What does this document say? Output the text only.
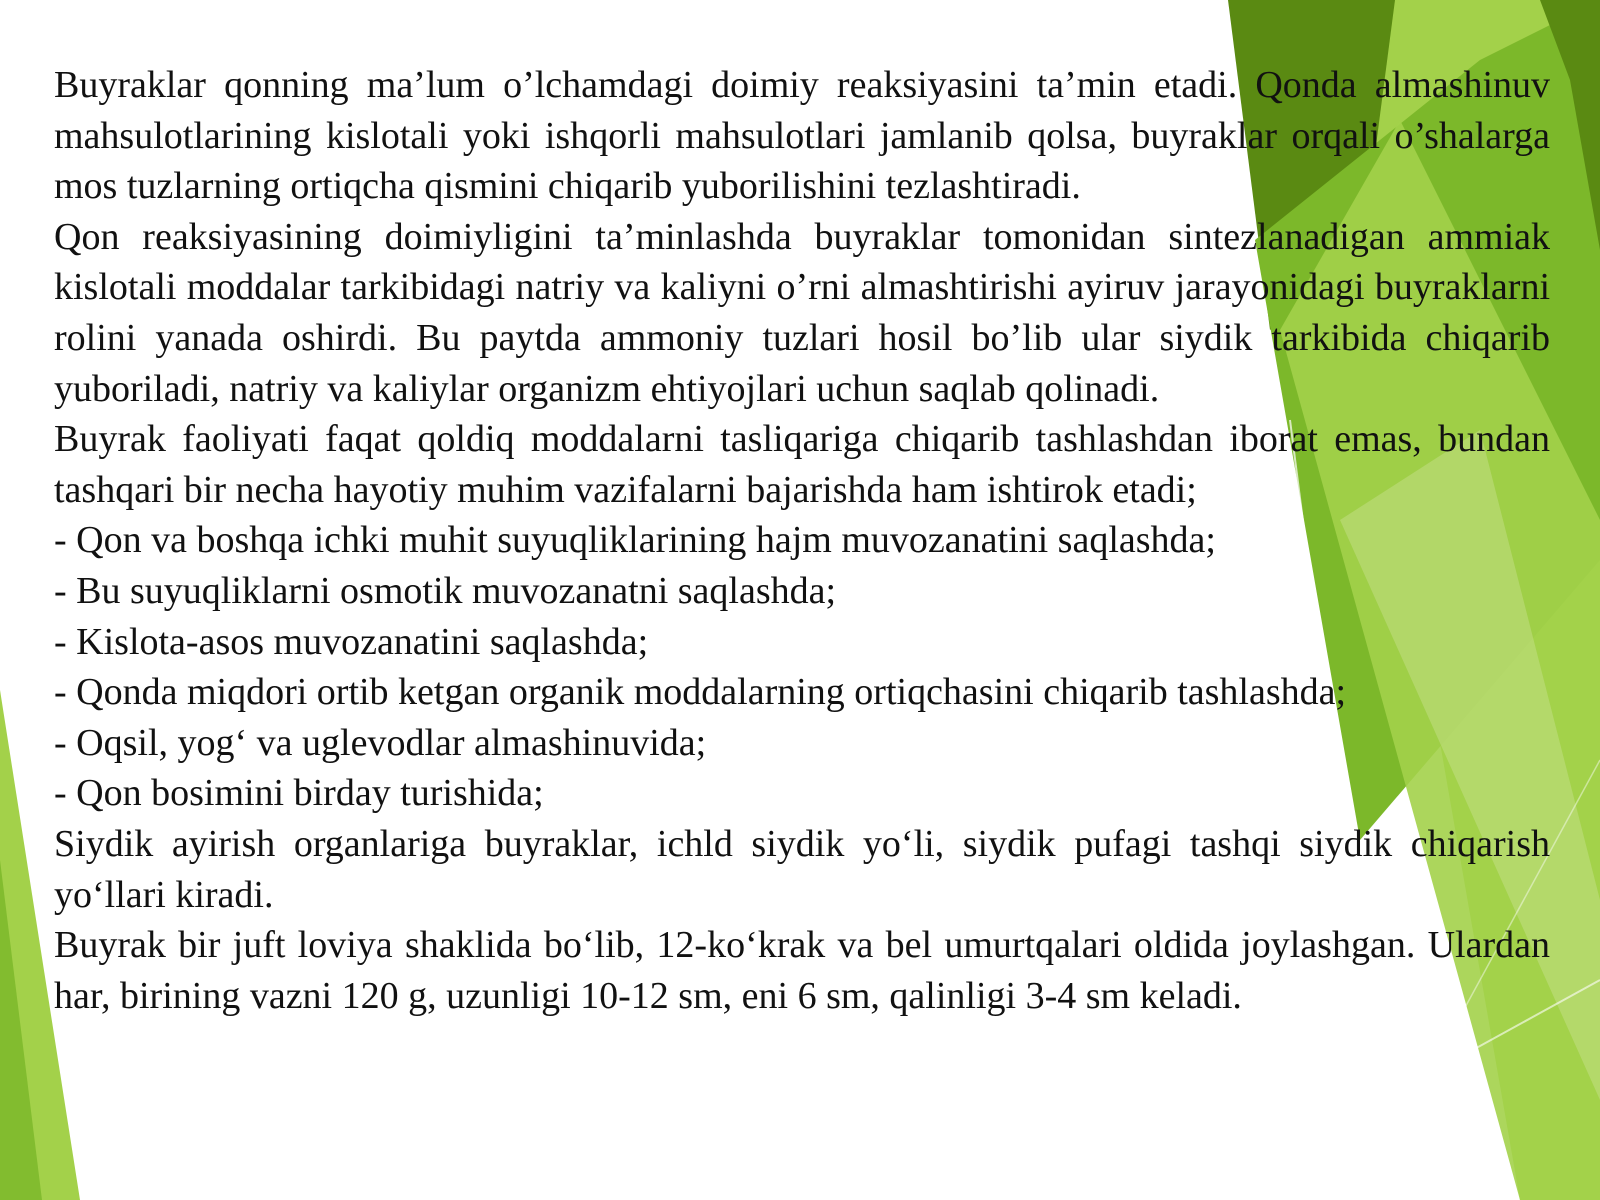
Buyraklar qonning ma’lum o’lchamdagi doimiy reaksiyasini ta’min etadi. Qonda almashinuv mahsulotlarining kislotali yoki ishqorli mahsulotlari jamlanib qolsa, buyraklar orqali o’shalarga mos tuzlarning ortiqcha qismini chiqarib yuborilishini tezlashtiradi.

Qon reaksiyasining doimiyligini ta’minlashda buyraklar tomonidan sintezlanadigan ammiak kislotali moddalar tarkibidagi natriy va kaliyni o’rni almashtirishi ayiruv jarayonidagi buyraklarni rolini yanada oshirdi. Bu paytda ammoniy tuzlari hosil bo’lib ular siydik tarkibida chiqarib yuboriladi, natriy va kaliylar organizm ehtiyojlari uchun saqlab qolinadi.

Buyrak faoliyati faqat qoldiq moddalarni tasliqariga chiqarib tashlashdan iborat emas, bundan tashqari bir necha hayotiy muhim vazifalarni bajarishda ham ishtirok etadi;

- Qon va boshqa ichki muhit suyuqliklarining hajm muvozanatini saqlashda;
- Bu suyuqliklarni osmotik muvozanatni saqlashda;
- Kislota-asos muvozanatini saqlashda;
- Qonda miqdori ortib ketgan organik moddalarning ortiqchasini chiqarib tashlashda;
- Oqsil, yog‘ va uglevodlar almashinuvida;
- Qon bosimini birday turishida;

Siydik ayirish organlariga buyraklar, ichld siydik yo‘li, siydik pufagi tashqi siydik chiqarish yo‘llari kiradi.

Buyrak bir juft loviya shaklida bo‘lib, 12-ko‘krak va bel umurtqalari oldida joylashgan. Ulardan har, birining vazni 120 g, uzunligi 10-12 sm, eni 6 sm, qalinligi 3-4 sm keladi.
